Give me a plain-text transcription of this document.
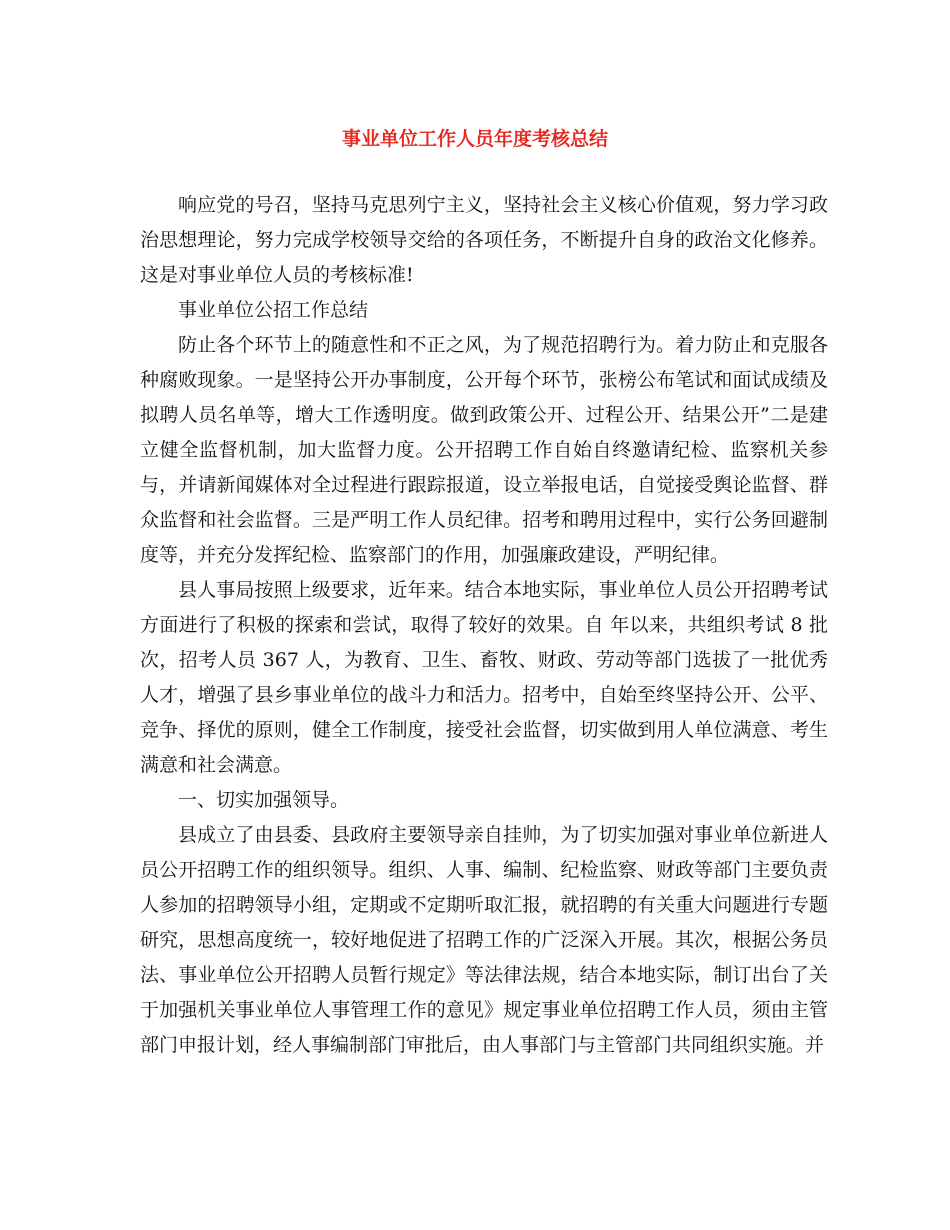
事业单位工作人员年度考核总结

响应党的号召，坚持马克思列宁主义，坚持社会主义核心价值观，努力学习政治思想理论，努力完成学校领导交给的各项任务，不断提升自身的政治文化修养。这是对事业单位人员的考核标准!

事业单位公招工作总结

防止各个环节上的随意性和不正之风，为了规范招聘行为。着力防止和克服各种腐败现象。一是坚持公开办事制度，公开每个环节，张榜公布笔试和面试成绩及拟聘人员名单等，增大工作透明度。做到政策公开、过程公开、结果公开”二是建立健全监督机制，加大监督力度。公开招聘工作自始自终邀请纪检、监察机关参与，并请新闻媒体对全过程进行跟踪报道，设立举报电话，自觉接受舆论监督、群众监督和社会监督。三是严明工作人员纪律。招考和聘用过程中，实行公务回避制度等，并充分发挥纪检、监察部门的作用，加强廉政建设，严明纪律。

县人事局按照上级要求，近年来。结合本地实际，事业单位人员公开招聘考试方面进行了积极的探索和尝试，取得了较好的效果。自 年以来，共组织考试 8 批次，招考人员 367 人，为教育、卫生、畜牧、财政、劳动等部门选拔了一批优秀人才，增强了县乡事业单位的战斗力和活力。招考中，自始至终坚持公开、公平、竞争、择优的原则，健全工作制度，接受社会监督，切实做到用人单位满意、考生满意和社会满意。

一、切实加强领导。

县成立了由县委、县政府主要领导亲自挂帅，为了切实加强对事业单位新进人员公开招聘工作的组织领导。组织、人事、编制、纪检监察、财政等部门主要负责人参加的招聘领导小组，定期或不定期听取汇报，就招聘的有关重大问题进行专题研究，思想高度统一，较好地促进了招聘工作的广泛深入开展。其次，根据公务员法、事业单位公开招聘人员暂行规定》等法律法规，结合本地实际，制订出台了关于加强机关事业单位人事管理工作的意见》规定事业单位招聘工作人员，须由主管部门申报计划，经人事编制部门审批后，由人事部门与主管部门共同组织实施。并
